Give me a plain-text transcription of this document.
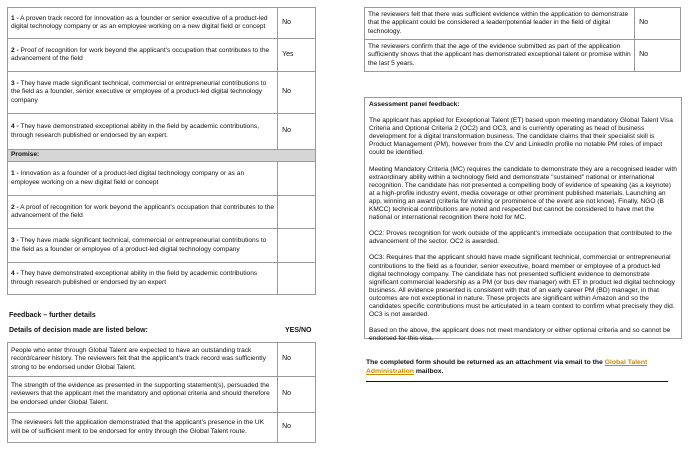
1 - A proven track record for innovation as a founder or senior executive of a product-led digital technology company or as an employee working on a new digital field or concept	No
2 - Proof of recognition for work beyond the applicant's occupation that contributes to the advancement of the field	Yes
3 - They have made significant technical, commercial or entrepreneurial contributions to the field as a founder, senior executive or employee of a product-led digital technology company	No
4 - They have demonstrated exceptional ability in the field by academic contributions, through research published or endorsed by an expert.	No
Promise:	
1 - Innovation as a founder of a product-led digital technology company or as an employee working on a new digital field or concept	
2 - A proof of recognition for work beyond the applicant's occupation that contributes to the advancement of the field	
3 - They have made significant technical, commercial or entrepreneurial contributions to the field as a founder or employee of a product-led digital technology company	
4 - They have demonstrated exceptional ability in the field by academic contributions through research published or endorsed by an expert	
Feedback – further details
Details of decision made are listed below:	YES/NO
People who enter through Global Talent are expected to have an outstanding track record/career history. The reviewers felt that the applicant's track record was sufficiently strong to be endorsed under Global Talent.	No
The strength of the evidence as presented in the supporting statement(s), persuaded the reviewers that the applicant met the mandatory and optional criteria and should therefore be endorsed under Global Talent.	No
The reviewers felt the application demonstrated that the applicant's presence in the UK will be of sufficient merit to be endorsed for entry through the Global Talent route.	No
The reviewers felt that there was sufficient evidence within the application to demonstrate that the applicant could be considered a leader/potential leader in the field of digital technology.	No
The reviewers confirm that the age of the evidence submitted as part of the application sufficiently shows that the applicant has demonstrated exceptional talent or promise within the last 5 years.	No
Assessment panel feedback:

The applicant has applied for Exceptional Talent (ET) based upon meeting mandatory Global Talent Visa Criteria and Optional Criteria 2 (OC2) and OC3, and is currently operating as head of business development for a digital transformation business. The candidate claims that their specialist skill is Product Management (PM), however from the CV and LinkedIn profile no notable PM roles of impact could be identified.

Meeting Mandatory Criteria (MC) requires the candidate to demonstrate they are a recognised leader with extraordinary ability within a technology field and demonstrate "sustained" national or international recognition. The candidate has not presented a compelling body of evidence of speaking (as a keynote) at a high-profile industry event, media coverage or other prominent published materials. Launching an app, winning an award (criteria for winning or prominence of the event are not know). Finally, NGO (B KMCC) technical contributions are noted and respected but cannot be considered to have met the national or international recognition there hold for MC.

OC2: Proves recognition for work outside of the applicant's immediate occupation that contributed to the advancement of the sector. OC2 is awarded.

OC3: Requires that the applicant should have made significant technical, commercial or entrepreneurial contributions to the field as a founder, senior executive, board member or employee of a product-led digital technology company. The candidate has not presented sufficient evidence to demonstrate significant commercial leadership as a PM (or bus dev manager) with ET in product led digital technology business. All evidence presented is consistent with that of an early career PM (BD) manager, in that outcomes are not exceptional in nature. These projects are significant within Amazon and so the candidates specific contributions must be articulated in a team context to confirm what precisely they did. OC3 is not awarded.

Based on the above, the applicant does not meet mandatory or either optional criteria and so cannot be endorsed for this visa.

The completed form should be returned as an attachment via email to the Global Talent Administration mailbox.
